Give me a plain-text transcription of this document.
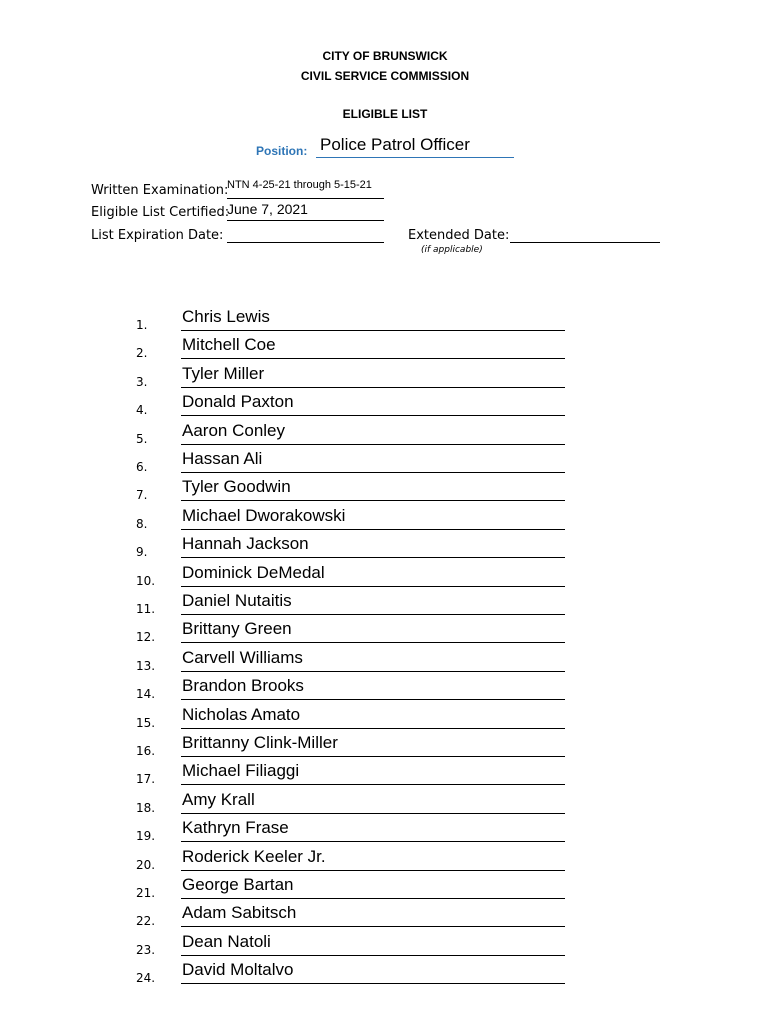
CITY OF BRUNSWICK
CIVIL SERVICE COMMISSION
ELIGIBLE LIST
Position: Police Patrol Officer
Written Examination:
NTN 4-25-21 through 5-15-21
Eligible List Certified:
June 7, 2021
List Expiration Date:	Extended Date:
(if applicable)
1. Chris Lewis
2. Mitchell Coe
3. Tyler Miller
4. Donald Paxton
5. Aaron Conley
6. Hassan Ali
7. Tyler Goodwin
8. Michael Dworakowski
9. Hannah Jackson
10. Dominick DeMedal
11. Daniel Nutaitis
12. Brittany Green
13. Carvell Williams
14. Brandon Brooks
15. Nicholas Amato
16. Brittanny Clink-Miller
17. Michael Filiaggi
18. Amy Krall
19. Kathryn Frase
20. Roderick Keeler Jr.
21. George Bartan
22. Adam Sabitsch
23. Dean Natoli
24. David Moltalvo
